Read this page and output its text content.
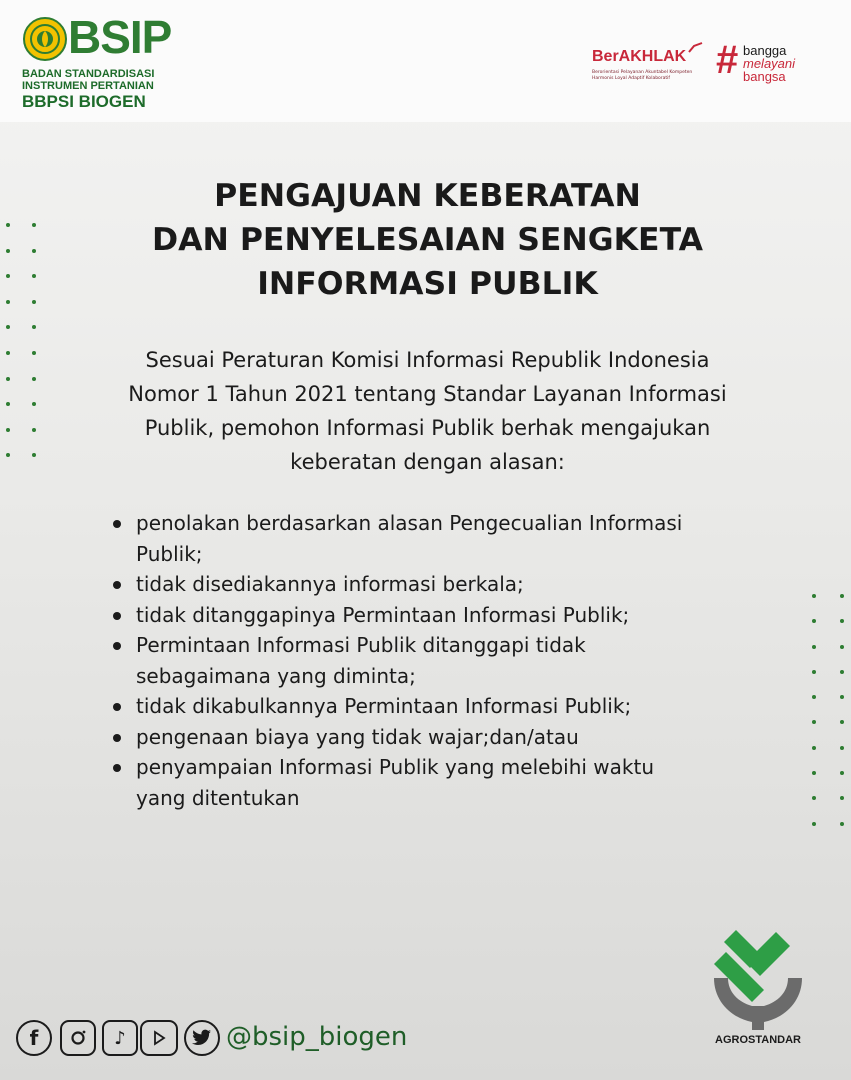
BSIP
BADAN STANDARDISASI
INSTRUMEN PERTANIAN
BBPSI BIOGEN
BerAKHLAK
Berorientasi Pelayanan Akuntabel Kompeten
Harmonis Loyal Adaptif Kolaboratif	# bangga
melayani
bangsa
PENGAJUAN KEBERATAN
DAN PENYELESAIAN SENGKETA
INFORMASI PUBLIK
Sesuai Peraturan Komisi Informasi Republik Indonesia
Nomor 1 Tahun 2021 tentang Standar Layanan Informasi
Publik, pemohon Informasi Publik berhak mengajukan
keberatan dengan alasan:
penolakan berdasarkan alasan Pengecualian Informasi
Publik;
tidak disediakannya informasi berkala;
tidak ditanggapinya Permintaan Informasi Publik;
Permintaan Informasi Publik ditanggapi tidak
sebagaimana yang diminta;
tidak dikabulkannya Permintaan Informasi Publik;
pengenaan biaya yang tidak wajar;dan/atau
penyampaian Informasi Publik yang melebihi waktu
yang ditentukan
f	♪	@bsip_biogen	AGROSTANDAR
